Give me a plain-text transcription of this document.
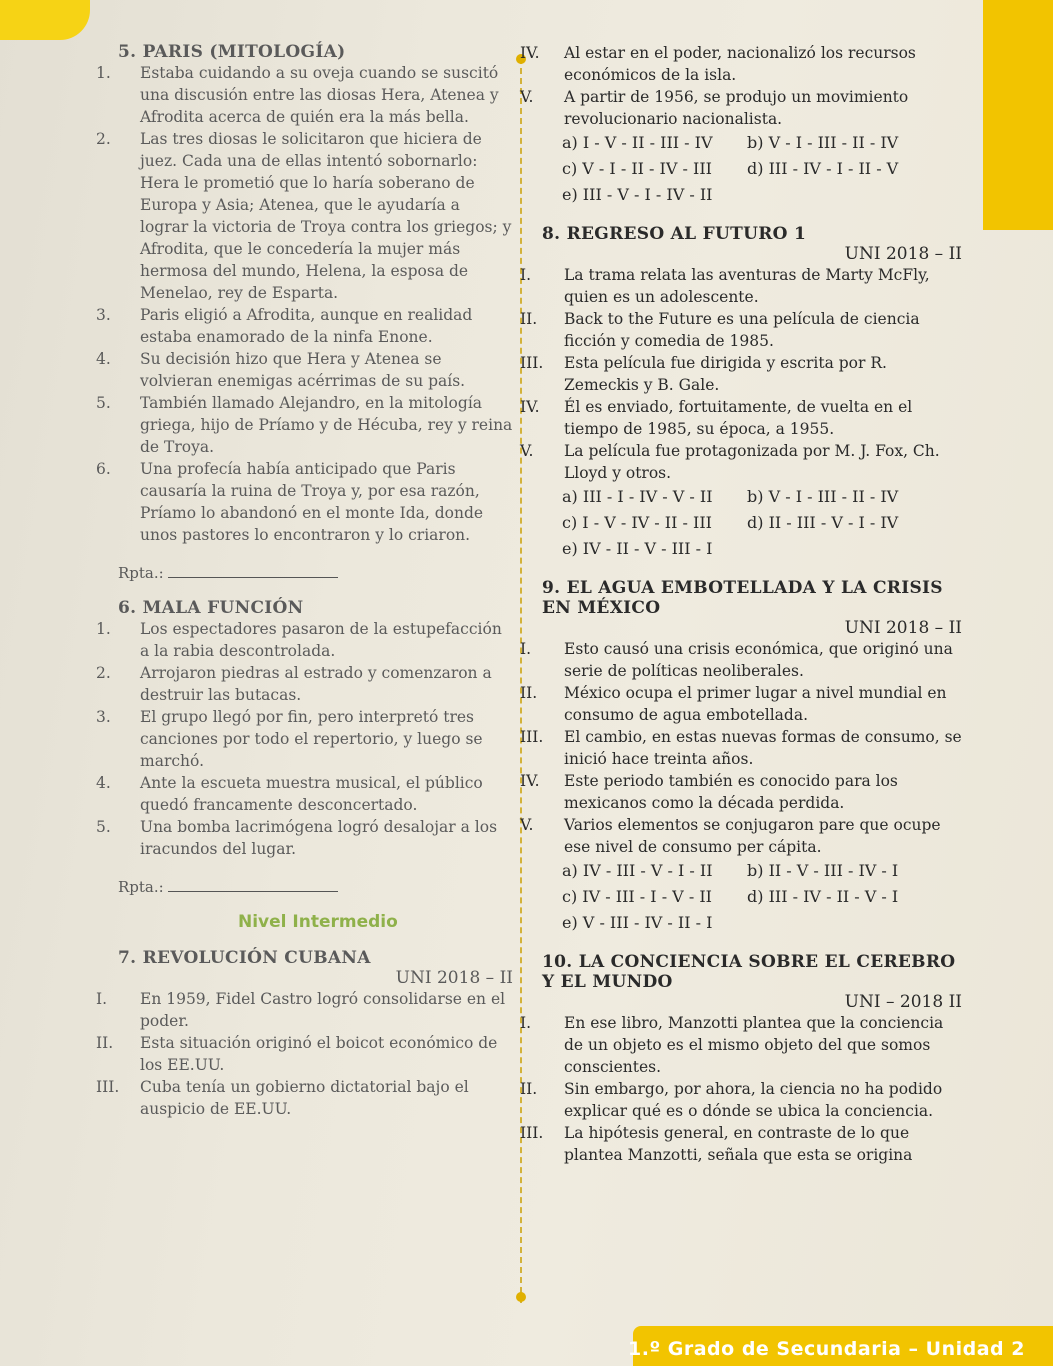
5. PARIS (MITOLOGÍA)

1. Estaba cuidando a su oveja cuando se suscitó una discusión entre las diosas Hera, Atenea y Afrodita acerca de quién era la más bella.

2. Las tres diosas le solicitaron que hiciera de juez. Cada una de ellas intentó sobornarlo: Hera le prometió que lo haría soberano de Europa y Asia; Atenea, que le ayudaría a lograr la victoria de Troya contra los griegos; y Afrodita, que le concedería la mujer más hermosa del mundo, Helena, la esposa de Menelao, rey de Esparta.

3. Paris eligió a Afrodita, aunque en realidad estaba enamorado de la ninfa Enone.

4. Su decisión hizo que Hera y Atenea se volvieran enemigas acérrimas de su país.

5. También llamado Alejandro, en la mitología griega, hijo de Príamo y de Hécuba, rey y reina de Troya.

6. Una profecía había anticipado que Paris causaría la ruina de Troya y, por esa razón, Príamo lo abandonó en el monte Ida, donde unos pastores lo encontraron y lo criaron.

Rpta.:

6. MALA FUNCIÓN

1. Los espectadores pasaron de la estupefacción a la rabia descontrolada.

2. Arrojaron piedras al estrado y comenzaron a destruir las butacas.

3. El grupo llegó por fin, pero interpretó tres canciones por todo el repertorio, y luego se marchó.

4. Ante la escueta muestra musical, el público quedó francamente desconcertado.

5. Una bomba lacrimógena logró desalojar a los iracundos del lugar.

Rpta.:
Nivel Intermedio

7. REVOLUCIÓN CUBANA

UNI 2018 – II

I. En 1959, Fidel Castro logró consolidarse en el poder.

II. Esta situación originó el boicot económico de los EE.UU.

III. Cuba tenía un gobierno dictatorial bajo el auspicio de EE.UU.

IV. Al estar en el poder, nacionalizó los recursos económicos de la isla.

V. A partir de 1956, se produjo un movimiento revolucionario nacionalista.

a) I - V - II - III - IV	b) V - I - III - II - IV
c) V - I - II - IV - III	d) III - IV - I - II - V
e) III - V - I - IV - II

8. REGRESO AL FUTURO 1

UNI 2018 – II

I. La trama relata las aventuras de Marty McFly, quien es un adolescente.

II. Back to the Future es una película de ciencia ficción y comedia de 1985.

III. Esta película fue dirigida y escrita por R. Zemeckis y B. Gale.

IV. Él es enviado, fortuitamente, de vuelta en el tiempo de 1985, su época, a 1955.

V. La película fue protagonizada por M. J. Fox, Ch. Lloyd y otros.

a) III - I - IV - V - II	b) V - I - III - II - IV
c) I - V - IV - II - III	d) II - III - V - I - IV
e) IV - II - V - III - I

9. EL AGUA EMBOTELLADA Y LA CRISIS EN MÉXICO

UNI 2018 – II

I. Esto causó una crisis económica, que originó una serie de políticas neoliberales.

II. México ocupa el primer lugar a nivel mundial en consumo de agua embotellada.

III. El cambio, en estas nuevas formas de consumo, se inició hace treinta años.

IV. Este periodo también es conocido para los mexicanos como la década perdida.

V. Varios elementos se conjugaron pare que ocupe ese nivel de consumo per cápita.

a) IV - III - V - I - II	b) II - V - III - IV - I
c) IV - III - I - V - II	d) III - IV - II - V - I
e) V - III - IV - II - I

10. LA CONCIENCIA SOBRE EL CEREBRO Y EL MUNDO

UNI – 2018 II

I. En ese libro, Manzotti plantea que la conciencia de un objeto es el mismo objeto del que somos conscientes.

II. Sin embargo, por ahora, la ciencia no ha podido explicar qué es o dónde se ubica la conciencia.

III. La hipótesis general, en contraste de lo que plantea Manzotti, señala que esta se origina

1.º Grado de Secundaria – Unidad 2
